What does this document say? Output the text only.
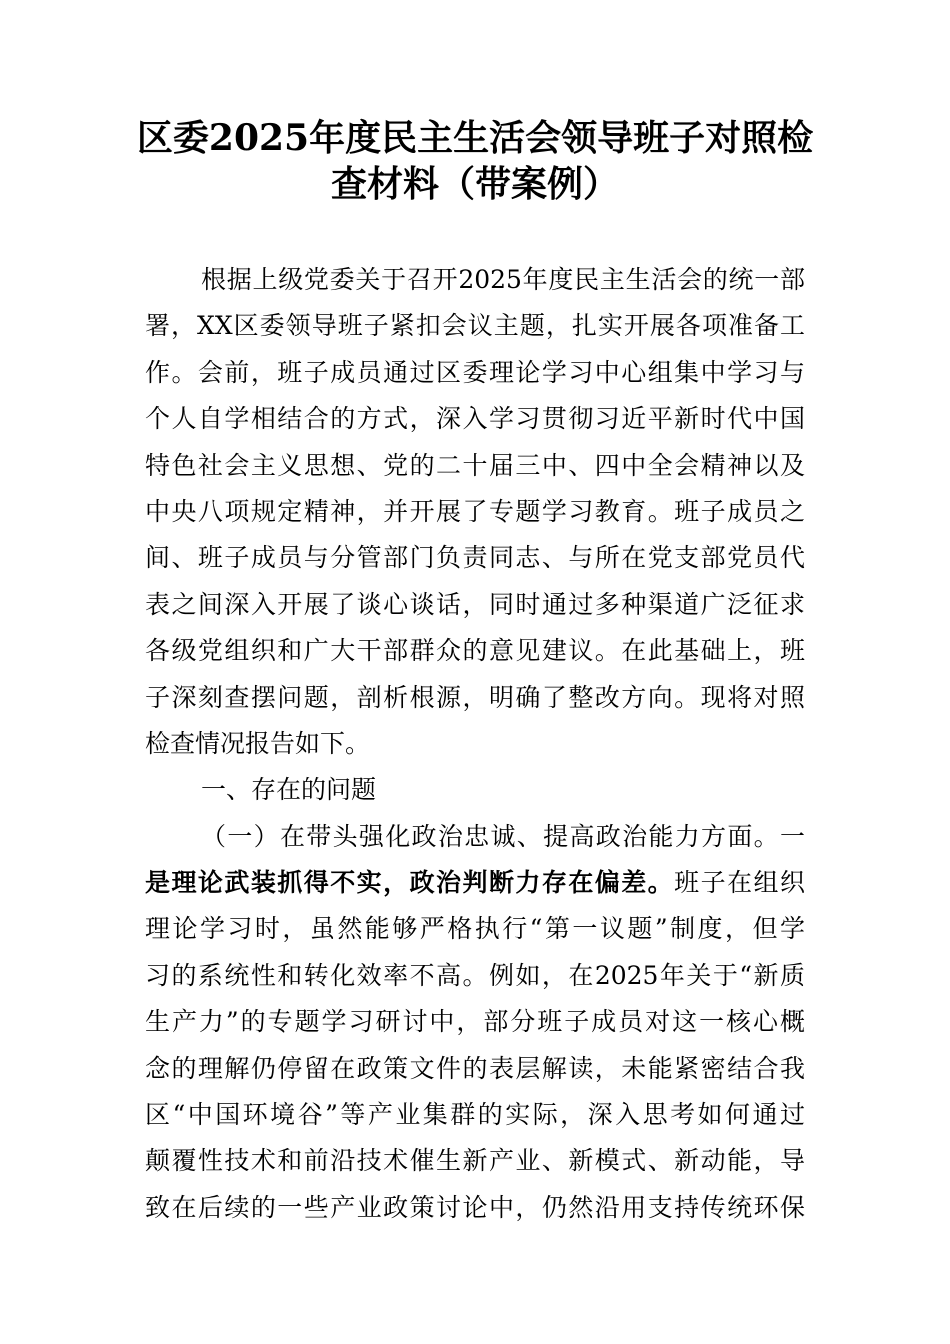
区委2025年度民主生活会领导班子对照检
查材料（带案例）
根据上级党委关于召开2025年度民主生活会的统一部
署，XX区委领导班子紧扣会议主题，扎实开展各项准备工
作。会前，班子成员通过区委理论学习中心组集中学习与
个人自学相结合的方式，深入学习贯彻习近平新时代中国
特色社会主义思想、党的二十届三中、四中全会精神以及
中央八项规定精神，并开展了专题学习教育。班子成员之
间、班子成员与分管部门负责同志、与所在党支部党员代
表之间深入开展了谈心谈话，同时通过多种渠道广泛征求
各级党组织和广大干部群众的意见建议。在此基础上，班
子深刻查摆问题，剖析根源，明确了整改方向。现将对照
检查情况报告如下。
一、存在的问题
（一）在带头强化政治忠诚、提高政治能力方面。一
是理论武装抓得不实，政治判断力存在偏差。班子在组织
理论学习时，虽然能够严格执行“第一议题”制度，但学
习的系统性和转化效率不高。例如，在2025年关于“新质
生产力”的专题学习研讨中，部分班子成员对这一核心概
念的理解仍停留在政策文件的表层解读，未能紧密结合我
区“中国环境谷”等产业集群的实际，深入思考如何通过
颠覆性技术和前沿技术催生新产业、新模式、新动能，导
致在后续的一些产业政策讨论中，仍然沿用支持传统环保
